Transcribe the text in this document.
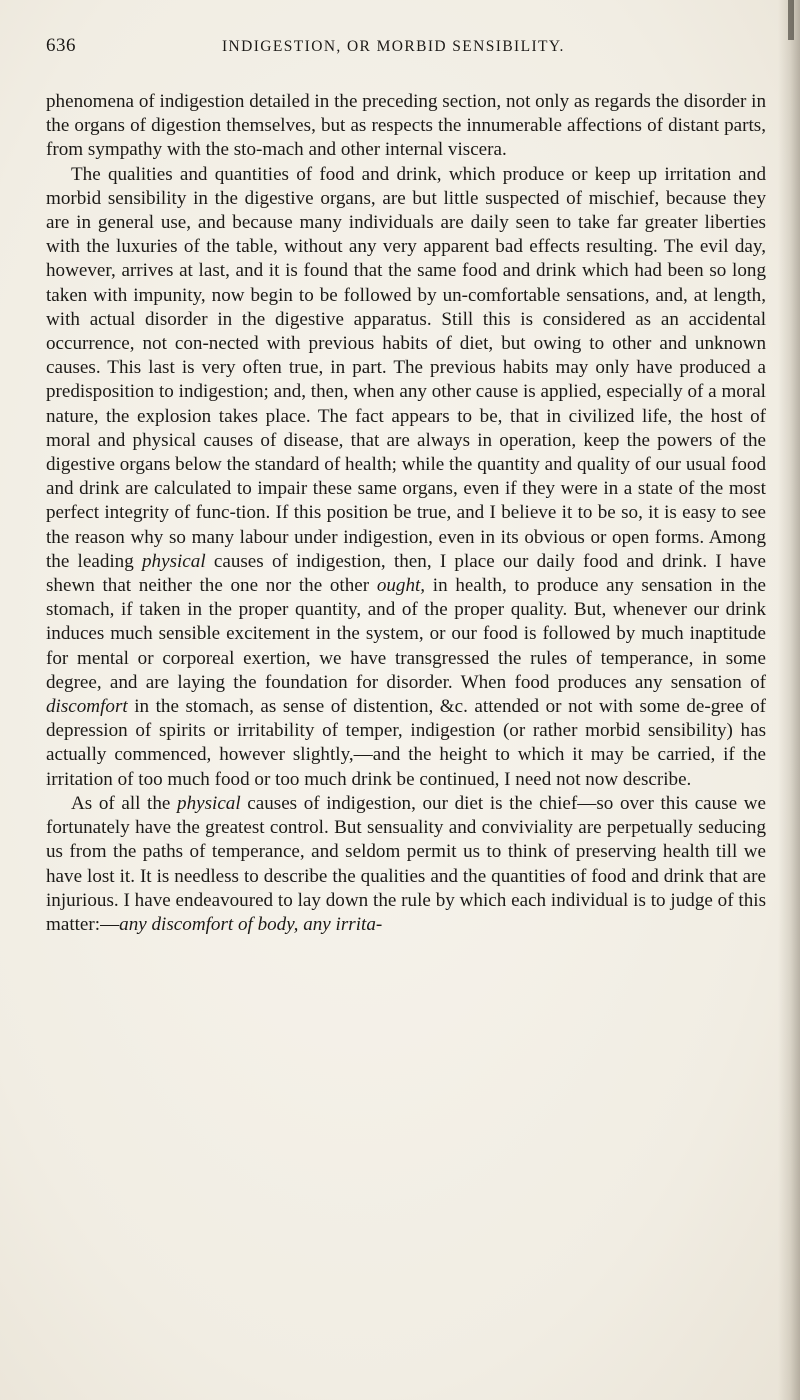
636	INDIGESTION, OR MORBID SENSIBILITY.

phenomena of indigestion detailed in the preceding section, not only as regards the disorder in the organs of digestion themselves, but as respects the innumerable affections of distant parts, from sympathy with the sto-mach and other internal viscera.

The qualities and quantities of food and drink, which produce or keep up irritation and morbid sensibility in the digestive organs, are but little suspected of mischief, because they are in general use, and because many individuals are daily seen to take far greater liberties with the luxuries of the table, without any very apparent bad effects resulting. The evil day, however, arrives at last, and it is found that the same food and drink which had been so long taken with impunity, now begin to be followed by un-comfortable sensations, and, at length, with actual disorder in the digestive apparatus. Still this is considered as an accidental occurrence, not con-nected with previous habits of diet, but owing to other and unknown causes. This last is very often true, in part. The previous habits may only have produced a predisposition to indigestion; and, then, when any other cause is applied, especially of a moral nature, the explosion takes place. The fact appears to be, that in civilized life, the host of moral and physical causes of disease, that are always in operation, keep the powers of the digestive organs below the standard of health; while the quantity and quality of our usual food and drink are calculated to impair these same organs, even if they were in a state of the most perfect integrity of func-tion. If this position be true, and I believe it to be so, it is easy to see the reason why so many labour under indigestion, even in its obvious or open forms. Among the leading physical causes of indigestion, then, I place our daily food and drink. I have shewn that neither the one nor the other ought, in health, to produce any sensation in the stomach, if taken in the proper quantity, and of the proper quality. But, whenever our drink induces much sensible excitement in the system, or our food is followed by much inaptitude for mental or corporeal exertion, we have transgressed the rules of temperance, in some degree, and are laying the foundation for disorder. When food produces any sensation of discomfort in the stomach, as sense of distention, &c. attended or not with some de-gree of depression of spirits or irritability of temper, indigestion (or rather morbid sensibility) has actually commenced, however slightly,—and the height to which it may be carried, if the irritation of too much food or too much drink be continued, I need not now describe.

As of all the physical causes of indigestion, our diet is the chief—so over this cause we fortunately have the greatest control. But sensuality and conviviality are perpetually seducing us from the paths of temperance, and seldom permit us to think of preserving health till we have lost it. It is needless to describe the qualities and the quantities of food and drink that are injurious. I have endeavoured to lay down the rule by which each individual is to judge of this matter:—any discomfort of body, any irrita-
